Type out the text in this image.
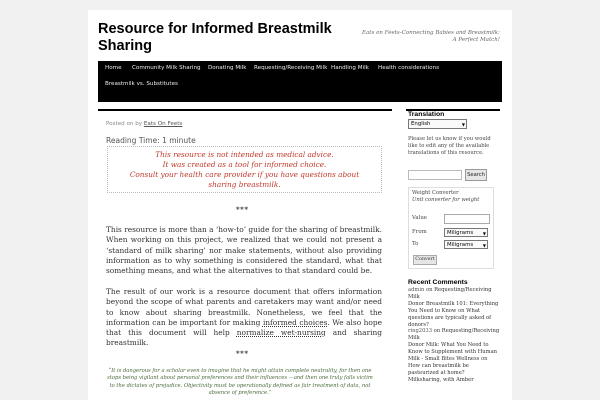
Resource for Informed Breastmilk Sharing
Eats on Feets-Connecting Babies and Breastmilk: A Perfect Match!
Home Community Milk Sharing Donating Milk Requesting/Receiving Milk Handling Milk Health considerations
Breastmilk vs. Substitutes
Posted on by Eats On Feets
Reading Time: 1 minute
This resource is not intended as medical advice.
It was created as a tool for informed choice.
Consult your health care provider if you have questions about
sharing breastmilk.
***
This resource is more than a ‘how-to’ guide for the sharing of breastmilk. When working on this project, we realized that we could not present a ‘standard of milk sharing’ nor make statements, without also providing information as to why something is considered the standard, what that something means, and what the alternatives to that standard could be.
The result of our work is a resource document that offers information beyond the scope of what parents and caretakers may want and/or need to know about sharing breastmilk. Nonetheless, we feel that the information can be important for making informed choices. We also hope that this document will help normalize wet-nursing and sharing breastmilk.
***
“It is dangerous for a scholar even to imagine that he might attain complete neutrality, for then one stops being vigilant about personal preferences and their influences —and then one truly falls victim to the dictates of prejudice. Objectivity must be operationally defined as fair treatment of data, not absence of preference.”
Translation
English	▼
Please let us know if you would like to edit any of the available translations of this resource.
Search
Weight Converter
Unit converter for weight
Value
From	Miligrams ▼
To	Miligrams ▼
Convert
Recent Comments
admin on Requesting/Receiving Milk
Donor Breastmilk 101: Everything You Need to Know on What questions are typically asked of donors?
ring2033 on Requesting/Receiving Milk
Donor Milk: What You Need to Know to Supplement with Human Milk - Small Bites Wellness on How can breastmilk be pasteurized at home?
Milksharing, with Amber
